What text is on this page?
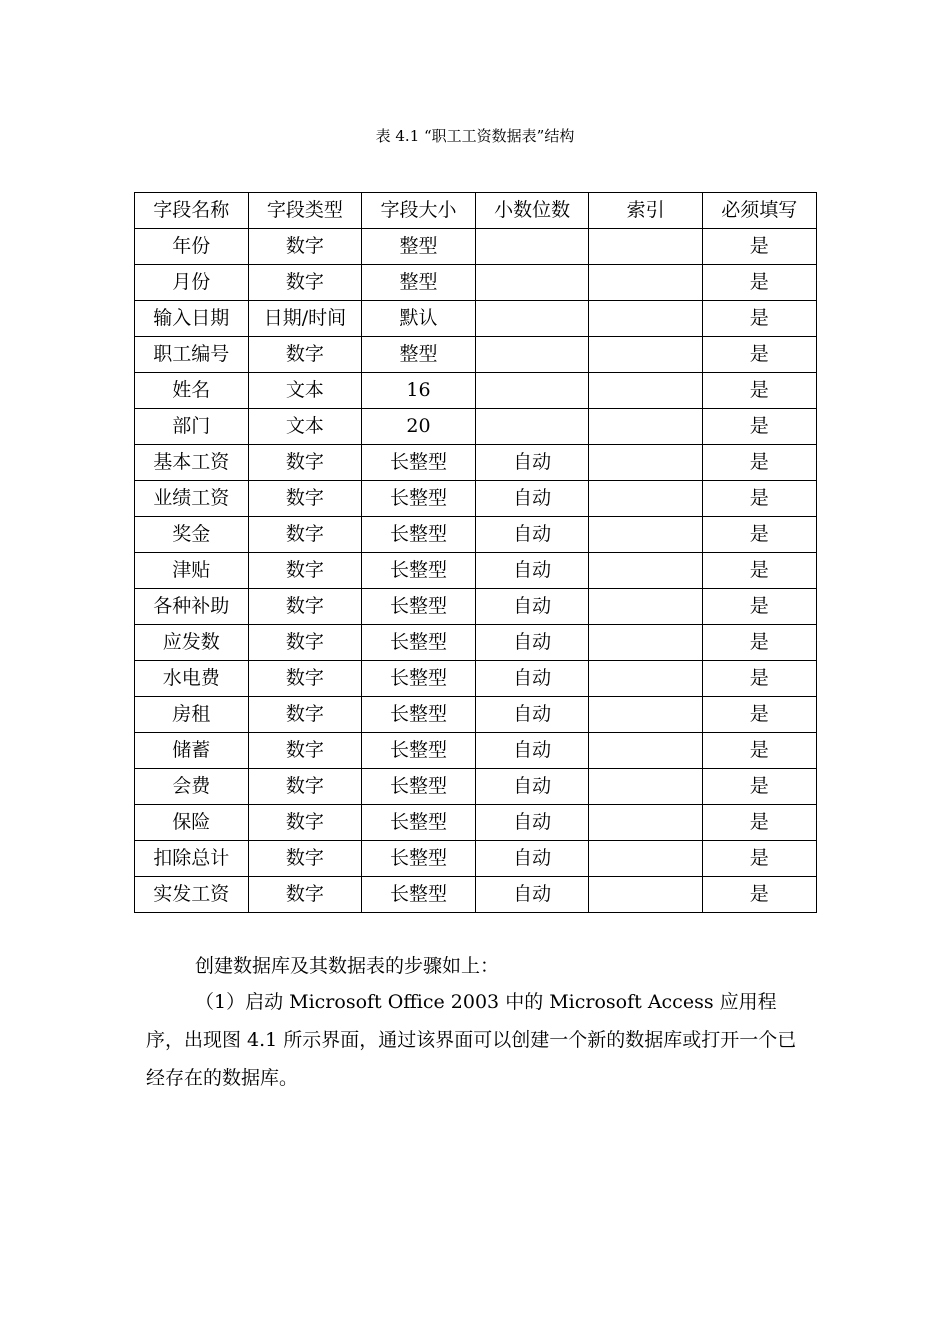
表 4.1 “职工工资数据表”结构
字段名称	字段类型	字段大小	小数位数	索引	必须填写
年份	数字	整型			是
月份	数字	整型			是
输入日期	日期/时间	默认			是
职工编号	数字	整型			是
姓名	文本	16			是
部门	文本	20			是
基本工资	数字	长整型	自动		是
业绩工资	数字	长整型	自动		是
奖金	数字	长整型	自动		是
津贴	数字	长整型	自动		是
各种补助	数字	长整型	自动		是
应发数	数字	长整型	自动		是
水电费	数字	长整型	自动		是
房租	数字	长整型	自动		是
储蓄	数字	长整型	自动		是
会费	数字	长整型	自动		是
保险	数字	长整型	自动		是
扣除总计	数字	长整型	自动		是
实发工资	数字	长整型	自动		是

创建数据库及其数据表的步骤如上：

（1）启动 Microsoft Office 2003 中的 Microsoft Access 应用程序，出现图 4.1 所示界面，通过该界面可以创建一个新的数据库或打开一个已经存在的数据库。
